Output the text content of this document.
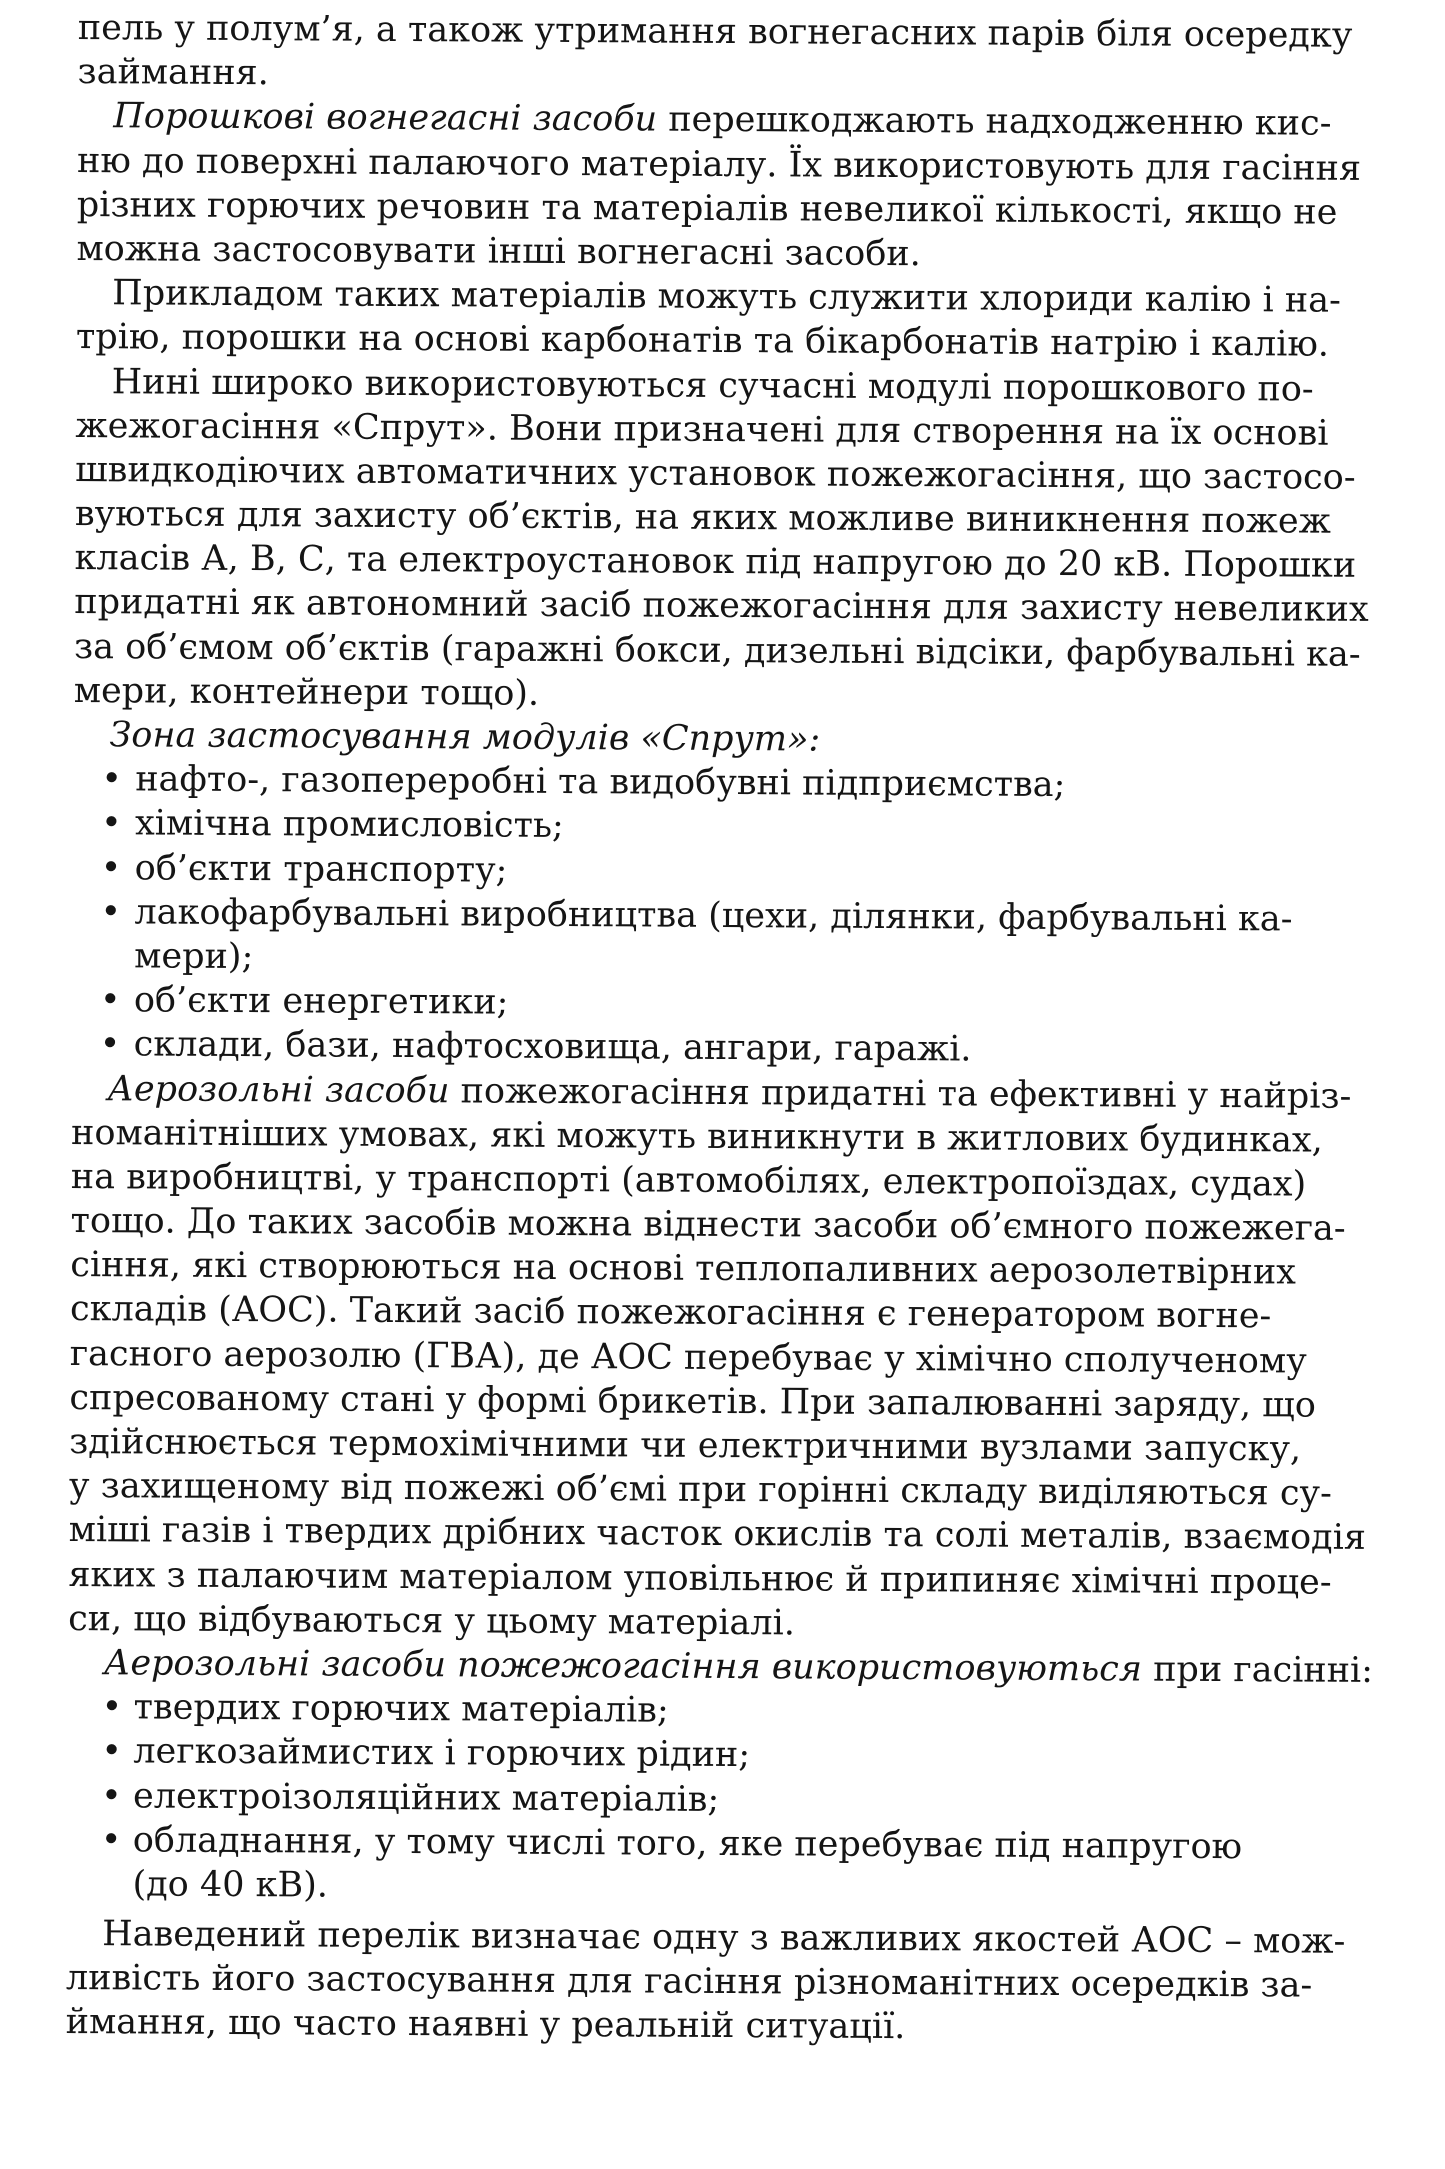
пель у полум’я, а також утримання вогнегасних парів біля осередку
займання.
Порошкові вогнегасні засоби перешкоджають надходженню кис-
ню до поверхні палаючого матеріалу. Їх використовують для гасіння
різних горючих речовин та матеріалів невеликої кількості, якщо не
можна застосовувати інші вогнегасні засоби.
Прикладом таких матеріалів можуть служити хлориди калію і на-
трію, порошки на основі карбонатів та бікарбонатів натрію і калію.
Нині широко використовуються сучасні модулі порошкового по-
жежогасіння «Спрут». Вони призначені для створення на їх основі
швидкодіючих автоматичних установок пожежогасіння, що застосо-
вуються для захисту об’єктів, на яких можливе виникнення пожеж
класів А, В, С, та електроустановок під напругою до 20 кВ. Порошки
придатні як автономний засіб пожежогасіння для захисту невеликих
за об’ємом об’єктів (гаражні бокси, дизельні відсіки, фарбувальні ка-
мери, контейнери тощо).
Зона застосування модулів «Спрут»:
• нафто-, газопереробні та видобувні підприємства;
• хімічна промисловість;
• об’єкти транспорту;
• лакофарбувальні виробництва (цехи, ділянки, фарбувальні ка-
мери);
• об’єкти енергетики;
• склади, бази, нафтосховища, ангари, гаражі.
Аерозольні засоби пожежогасіння придатні та ефективні у найріз-
номанітніших умовах, які можуть виникнути в житлових будинках,
на виробництві, у транспорті (автомобілях, електропоїздах, судах)
тощо. До таких засобів можна віднести засоби об’ємного пожежега-
сіння, які створюються на основі теплопаливних аерозолетвірних
складів (АОС). Такий засіб пожежогасіння є генератором вогне-
гасного аерозолю (ГВА), де АОС перебуває у хімічно сполученому
спресованому стані у формі брикетів. При запалюванні заряду, що
здійснюється термохімічними чи електричними вузлами запуску,
у захищеному від пожежі об’ємі при горінні складу виділяються су-
міші газів і твердих дрібних часток окислів та солі металів, взаємодія
яких з палаючим матеріалом уповільнює й припиняє хімічні проце-
си, що відбуваються у цьому матеріалі.
Аерозольні засоби пожежогасіння використовуються при гасінні:
• твердих горючих матеріалів;
• легкозаймистих і горючих рідин;
• електроізоляційних матеріалів;
• обладнання, у тому числі того, яке перебуває під напругою
(до 40 кВ).
Наведений перелік визначає одну з важливих якостей АОС – мож-
ливість його застосування для гасіння різноманітних осередків за-
ймання, що часто наявні у реальній ситуації.
